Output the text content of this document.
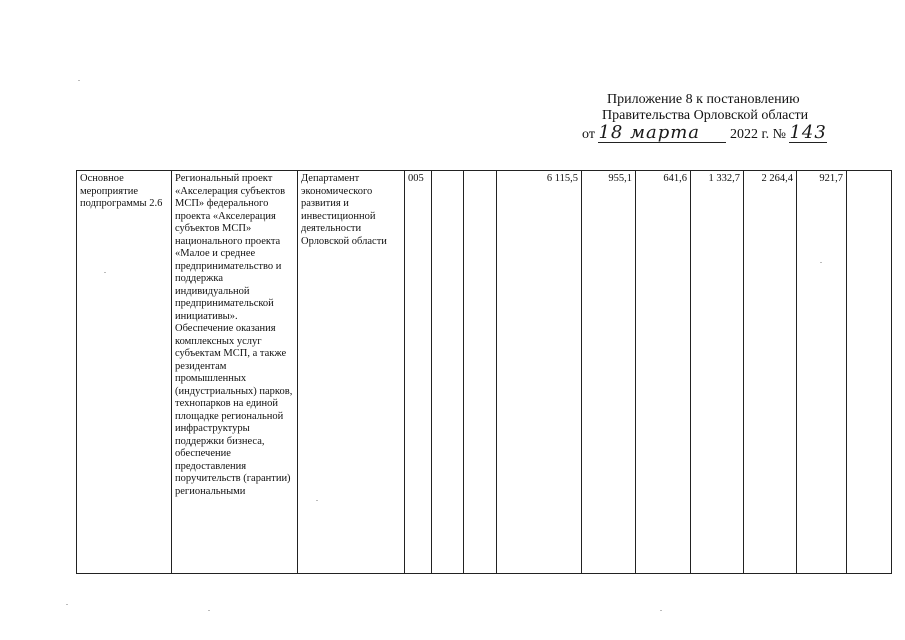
Приложение 8 к постановлению
Правительства Орловской области
от 18 марта 2022 г. № 143
Основное мероприятие подпрограммы 2.6	Региональный проект «Акселерация субъектов МСП» федерального проекта «Акселерация субъектов МСП» национального проекта «Малое и среднее предпринимательство и поддержка индивидуальной предпринимательской инициативы». Обеспечение оказания комплексных услуг субъектам МСП, а также резидентам промышленных (индустриальных) парков, технопарков на единой площадке региональной инфраструктуры поддержки бизнеса, обеспечение предоставления поручительств (гарантии) региональными	Департамент экономического развития и инвестиционной деятельности Орловской области	005			6 115,5	955,1	641,6	1 332,7	2 264,4	921,7	
